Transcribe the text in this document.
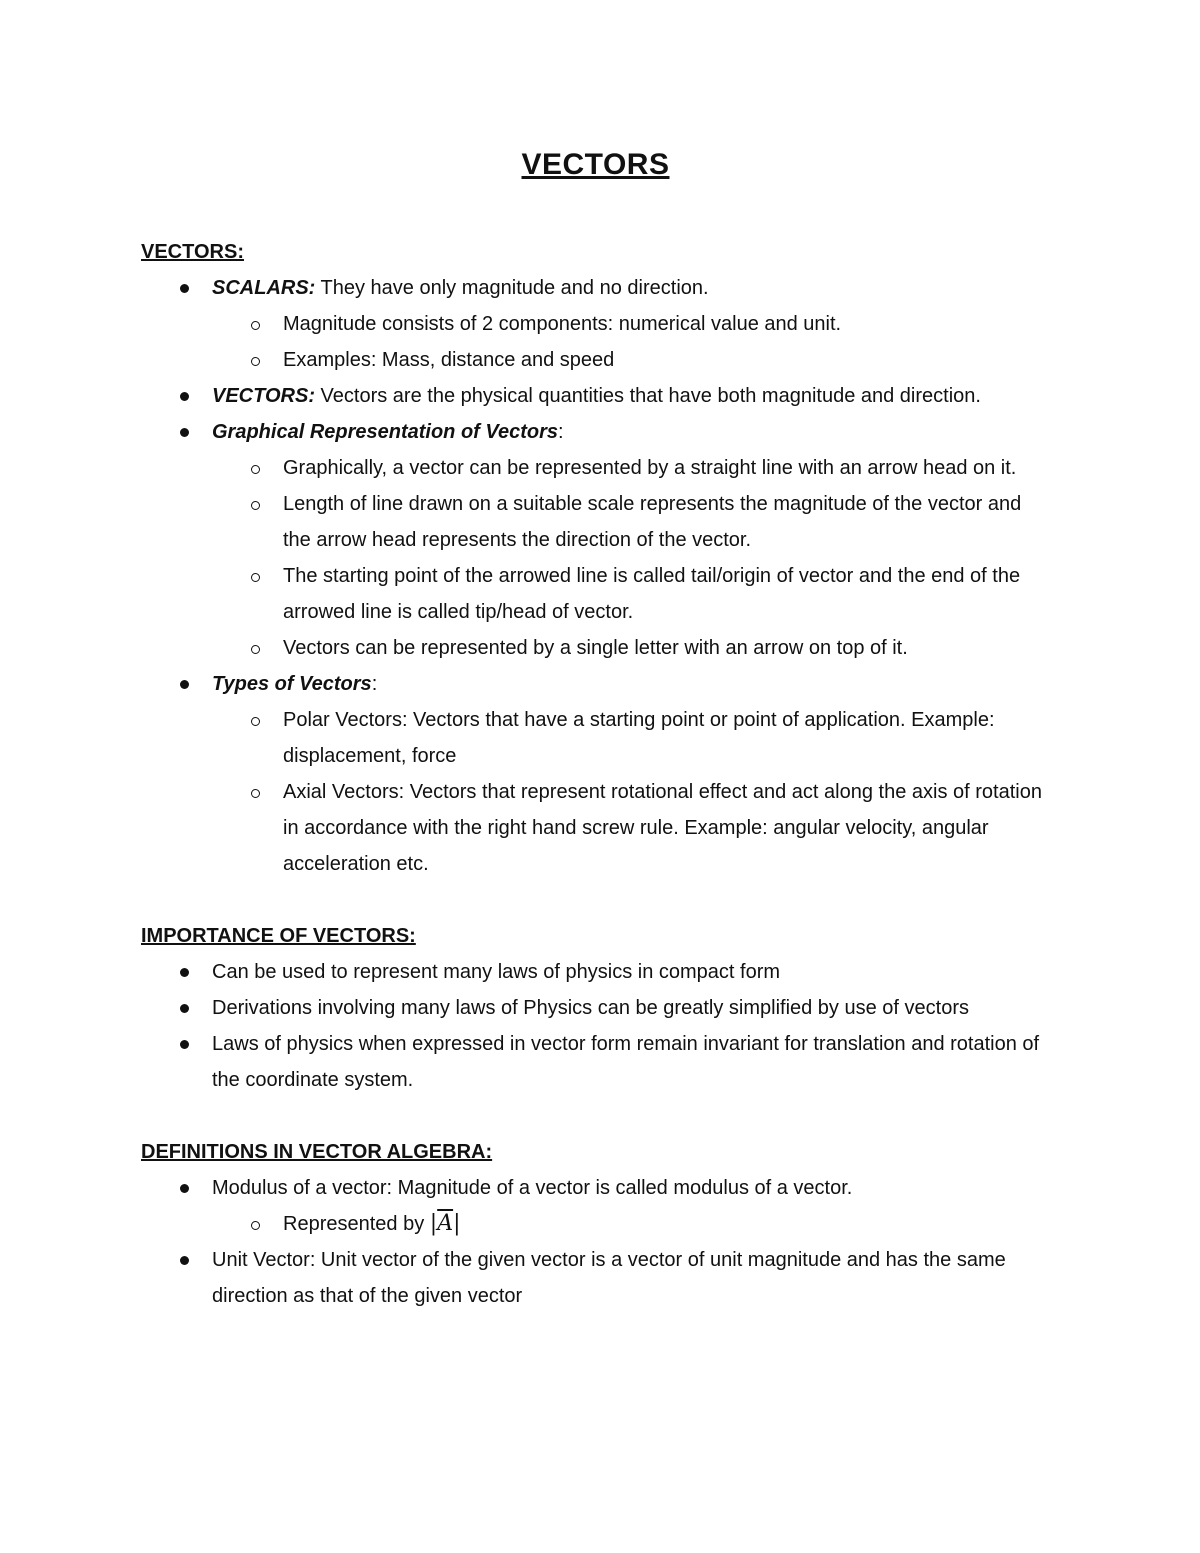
VECTORS
VECTORS:
SCALARS: They have only magnitude and no direction.
Magnitude consists of 2 components: numerical value and unit.
Examples: Mass, distance and speed
VECTORS: Vectors are the physical quantities that have both magnitude and direction.
Graphical Representation of Vectors:
Graphically, a vector can be represented by a straight line with an arrow head on it.
Length of line drawn on a suitable scale represents the magnitude of the vector and the arrow head represents the direction of the vector.
The starting point of the arrowed line is called tail/origin of vector and the end of the arrowed line is called tip/head of vector.
Vectors can be represented by a single letter with an arrow on top of it.
Types of Vectors:
Polar Vectors: Vectors that have a starting point or point of application. Example: displacement, force
Axial Vectors: Vectors that represent rotational effect and act along the axis of rotation in accordance with the right hand screw rule. Example: angular velocity, angular acceleration etc.
IMPORTANCE OF VECTORS:
Can be used to represent many laws of physics in compact form
Derivations involving many laws of Physics can be greatly simplified by use of vectors
Laws of physics when expressed in vector form remain invariant for translation and rotation of the coordinate system.
DEFINITIONS IN VECTOR ALGEBRA:
Modulus of a vector: Magnitude of a vector is called modulus of a vector.
Represented by $|\overline{A}|$
Unit Vector: Unit vector of the given vector is a vector of unit magnitude and has the same direction as that of the given vector
